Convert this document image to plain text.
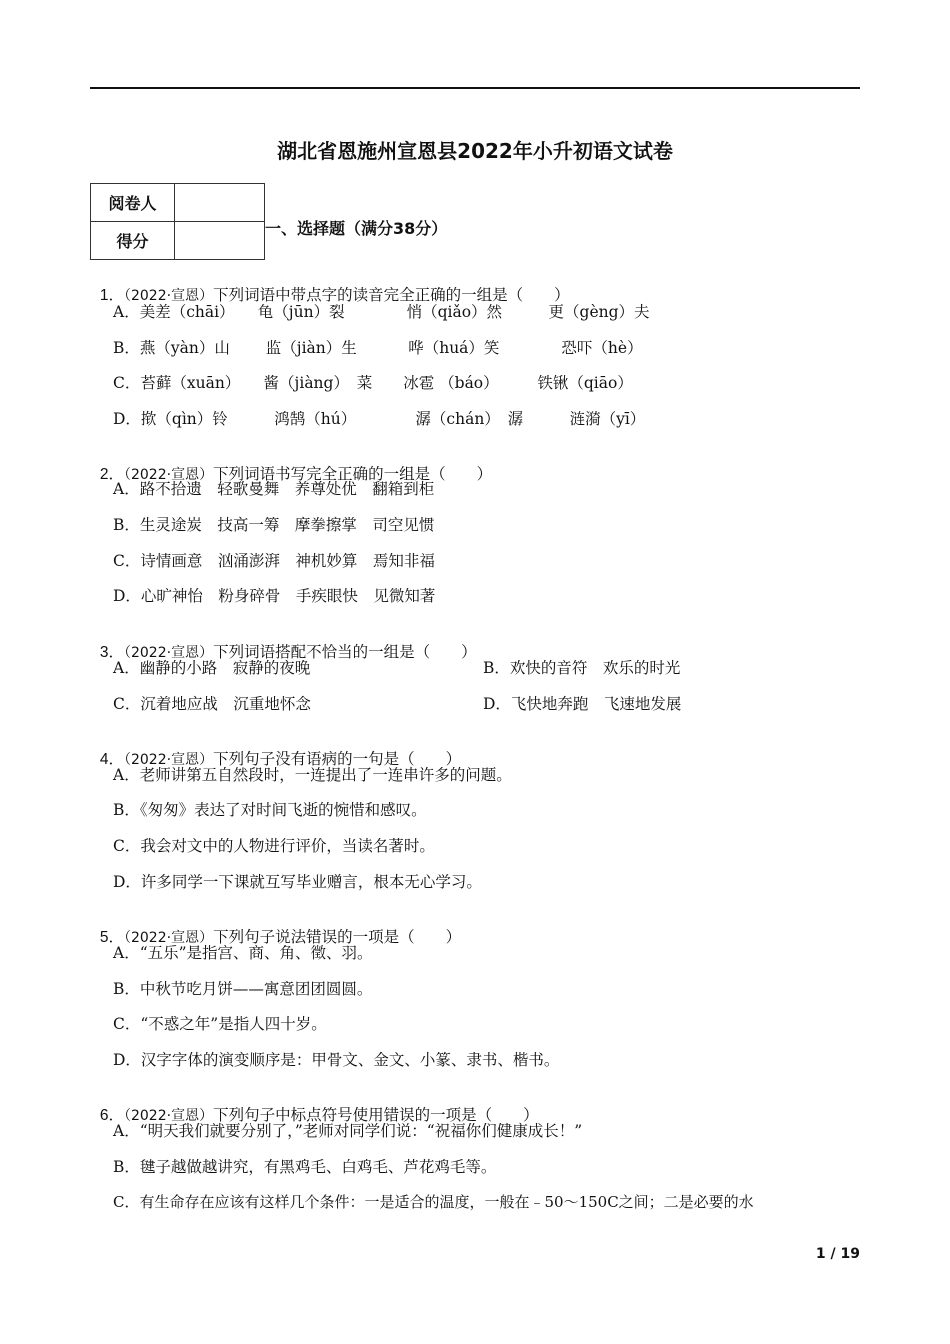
湖北省恩施州宣恩县2022年小升初语文试卷
阅卷人	
得分	
一、选择题（满分38分）

1．（2022·宣恩）下列词语中带点字的读音完全正确的一组是（　　）

A．美差（chāi）　　龟（jūn）裂　　　　悄（qiǎo）然　　　更（gèng）夫
B．燕（yàn）山　　 监（jiàn）生　　　 哗（huá）笑　　　　恐吓（hè）
C．苔藓（xuān）　　酱（jiàng）　菜　　冰雹 （báo）　　　铁锹（qiāo）
D．揿（qìn）铃　　　鸿鹄（hú）　　　　 潺（chán）　潺　　　涟漪（yī）

2．（2022·宣恩）下列词语书写完全正确的一组是（　　）

A．路不拾遗　轻歌曼舞　养尊处优　翻箱到柜
B．生灵途炭　技高一筹　摩拳擦掌　司空见惯
C．诗情画意　汹涌澎湃　神机妙算　焉知非福
D．心旷神怡　粉身碎骨　手疾眼快　见微知著

3．（2022·宣恩）下列词语搭配不恰当的一组是（　　）

A．幽静的小路　寂静的夜晚	B．欢快的音符　欢乐的时光
C．沉着地应战　沉重地怀念	D．飞快地奔跑　飞速地发展

4．（2022·宣恩）下列句子没有语病的一句是（　　）

A．老师讲第五自然段时，一连提出了一连串许多的问题。
B．《匆匆》表达了对时间飞逝的惋惜和感叹。
C．我会对文中的人物进行评价，当读名著时。
D．许多同学一下课就互写毕业赠言，根本无心学习。

5．（2022·宣恩）下列句子说法错误的一项是（　　）

A．“五乐”是指宫、商、角、徵、羽。
B．中秋节吃月饼——寓意团团圆圆。
C．“不惑之年”是指人四十岁。
D．汉字字体的演变顺序是：甲骨文、金文、小篆、隶书、楷书。

6．（2022·宣恩）下列句子中标点符号使用错误的一项是（　　）

A．“明天我们就要分别了，”老师对同学们说：“祝福你们健康成长！”
B．毽子越做越讲究，有黑鸡毛、白鸡毛、芦花鸡毛等。
C．有生命存在应该有这样几个条件：一是适合的温度，一般在﹣50～150C之间；二是必要的水
1 / 19
